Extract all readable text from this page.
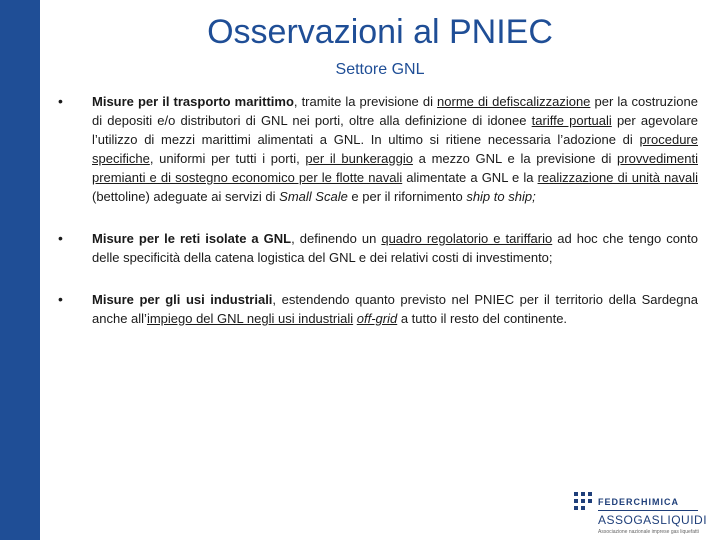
Osservazioni al PNIEC
Settore GNL
•	Misure per il trasporto marittimo, tramite la previsione di norme di defiscalizzazione per la costruzione di depositi e/o distributori di GNL nei porti, oltre alla definizione di idonee tariffe portuali per agevolare l’utilizzo di mezzi marittimi alimentati a GNL. In ultimo si ritiene necessaria l’adozione di procedure specifiche, uniformi per tutti i porti, per il bunkeraggio a mezzo GNL e la previsione di provvedimenti premianti e di sostegno economico per le flotte navali alimentate a GNL e la realizzazione di unità navali (bettoline) adeguate ai servizi di Small Scale e per il rifornimento ship to ship;
•	Misure per le reti isolate a GNL, definendo un quadro regolatorio e tariffario ad hoc che tengo conto delle specificità della catena logistica del GNL e dei relativi costi di investimento;
•	Misure per gli usi industriali, estendendo quanto previsto nel PNIEC per il territorio della Sardegna anche all’impiego del GNL negli usi industriali off-grid a tutto il resto del continente.
FEDERCHIMICA
ASSOGASLIQUIDI
Associazione nazionale imprese gas liquefatti
